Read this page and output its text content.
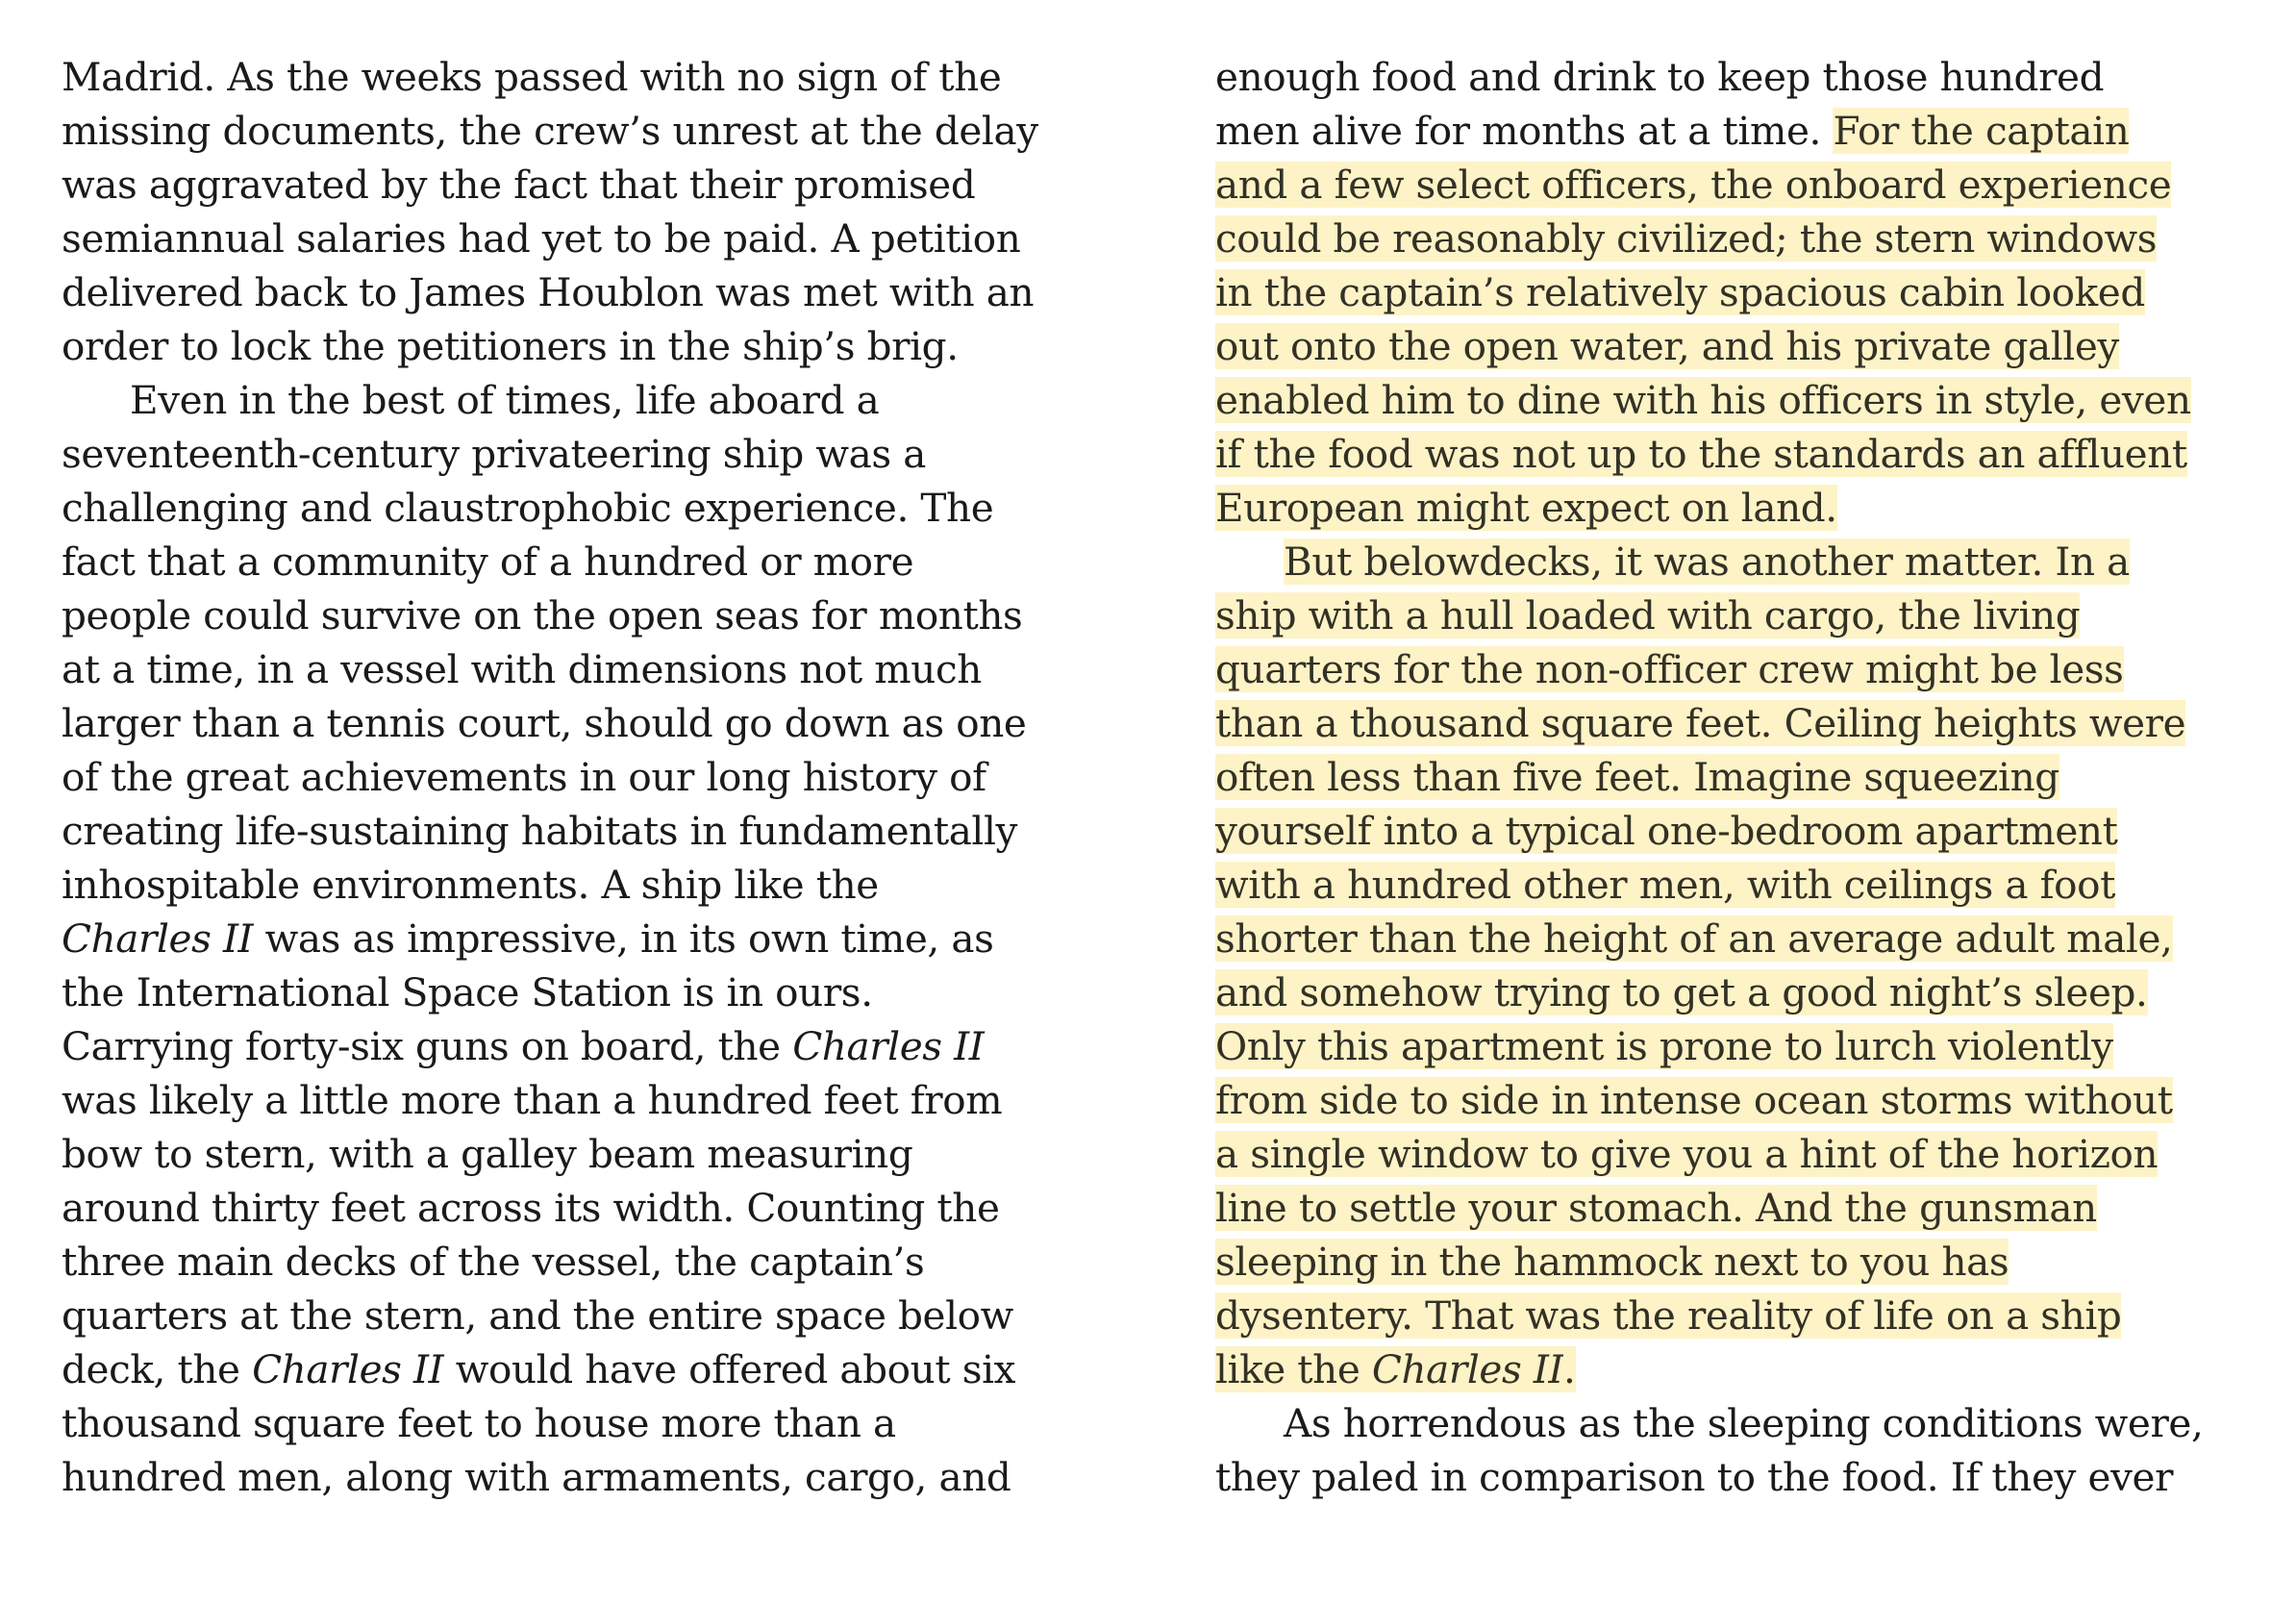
Madrid. As the weeks passed with no sign of the
missing documents, the crew’s unrest at the delay
was aggravated by the fact that their promised
semiannual salaries had yet to be paid. A petition
delivered back to James Houblon was met with an
order to lock the petitioners in the ship’s brig.
Even in the best of times, life aboard a
seventeenth-century privateering ship was a
challenging and claustrophobic experience. The
fact that a community of a hundred or more
people could survive on the open seas for months
at a time, in a vessel with dimensions not much
larger than a tennis court, should go down as one
of the great achievements in our long history of
creating life-sustaining habitats in fundamentally
inhospitable environments. A ship like the
Charles II was as impressive, in its own time, as
the International Space Station is in ours.
Carrying forty-six guns on board, the Charles II
was likely a little more than a hundred feet from
bow to stern, with a galley beam measuring
around thirty feet across its width. Counting the
three main decks of the vessel, the captain’s
quarters at the stern, and the entire space below
deck, the Charles II would have offered about six
thousand square feet to house more than a
hundred men, along with armaments, cargo, and
enough food and drink to keep those hundred
men alive for months at a time. For the captain
and a few select officers, the onboard experience
could be reasonably civilized; the stern windows
in the captain’s relatively spacious cabin looked
out onto the open water, and his private galley
enabled him to dine with his officers in style, even
if the food was not up to the standards an affluent
European might expect on land.
But belowdecks, it was another matter. In a
ship with a hull loaded with cargo, the living
quarters for the non-officer crew might be less
than a thousand square feet. Ceiling heights were
often less than five feet. Imagine squeezing
yourself into a typical one-bedroom apartment
with a hundred other men, with ceilings a foot
shorter than the height of an average adult male,
and somehow trying to get a good night’s sleep.
Only this apartment is prone to lurch violently
from side to side in intense ocean storms without
a single window to give you a hint of the horizon
line to settle your stomach. And the gunsman
sleeping in the hammock next to you has
dysentery. That was the reality of life on a ship
like the Charles II.
As horrendous as the sleeping conditions were,
they paled in comparison to the food. If they ever
